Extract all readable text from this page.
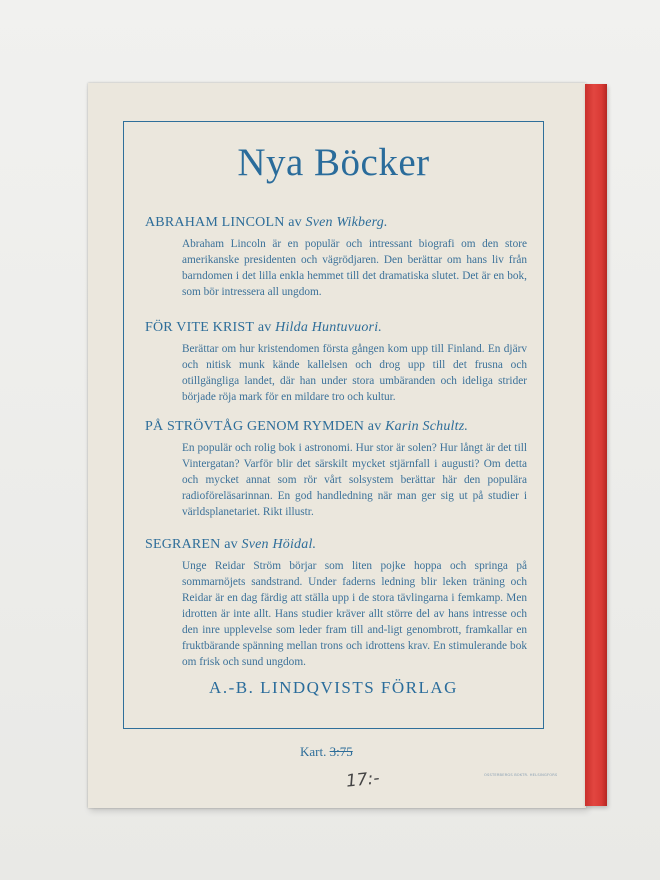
Nya Böcker
ABRAHAM LINCOLN av Sven Wikberg.
Abraham Lincoln är en populär och intressant biografi om den store amerikanske presidenten och vägrödjaren. Den berättar om hans liv från barndomen i det lilla enkla hemmet till det dramatiska slutet. Det är en bok, som bör intressera all ungdom.
FÖR VITE KRIST av Hilda Huntuvuori.
Berättar om hur kristendomen första gången kom upp till Finland. En djärv och nitisk munk kände kallelsen och drog upp till det frusna och otillgängliga landet, där han under stora umbäranden och ideliga strider började röja mark för en mildare tro och kultur.
PÅ STRÖVTÅG GENOM RYMDEN av Karin Schultz.
En populär och rolig bok i astronomi. Hur stor är solen? Hur långt är det till Vintergatan? Varför blir det särskilt mycket stjärnfall i augusti? Om detta och mycket annat som rör vårt solsystem berättar här den populära radioföreläsarinnan. En god handledning när man ger sig ut på studier i världsplanetariet. Rikt illustr.
SEGRAREN av Sven Höidal.
Unge Reidar Ström börjar som liten pojke hoppa och springa på sommarnöjets sandstrand. Under faderns ledning blir leken träning och Reidar är en dag färdig att ställa upp i de stora tävlingarna i femkamp. Men idrotten är inte allt. Hans studier kräver allt större del av hans intresse och den inre upplevelse som leder fram till and-ligt genombrott, framkallar en fruktbärande spänning mellan trons och idrottens krav. En stimulerande bok om frisk och sund ungdom.
A.-B. LINDQVISTS FÖRLAG
Kart. 3:75
17:-	OSSTERBERGS BOKTR. HELSINGFORS
